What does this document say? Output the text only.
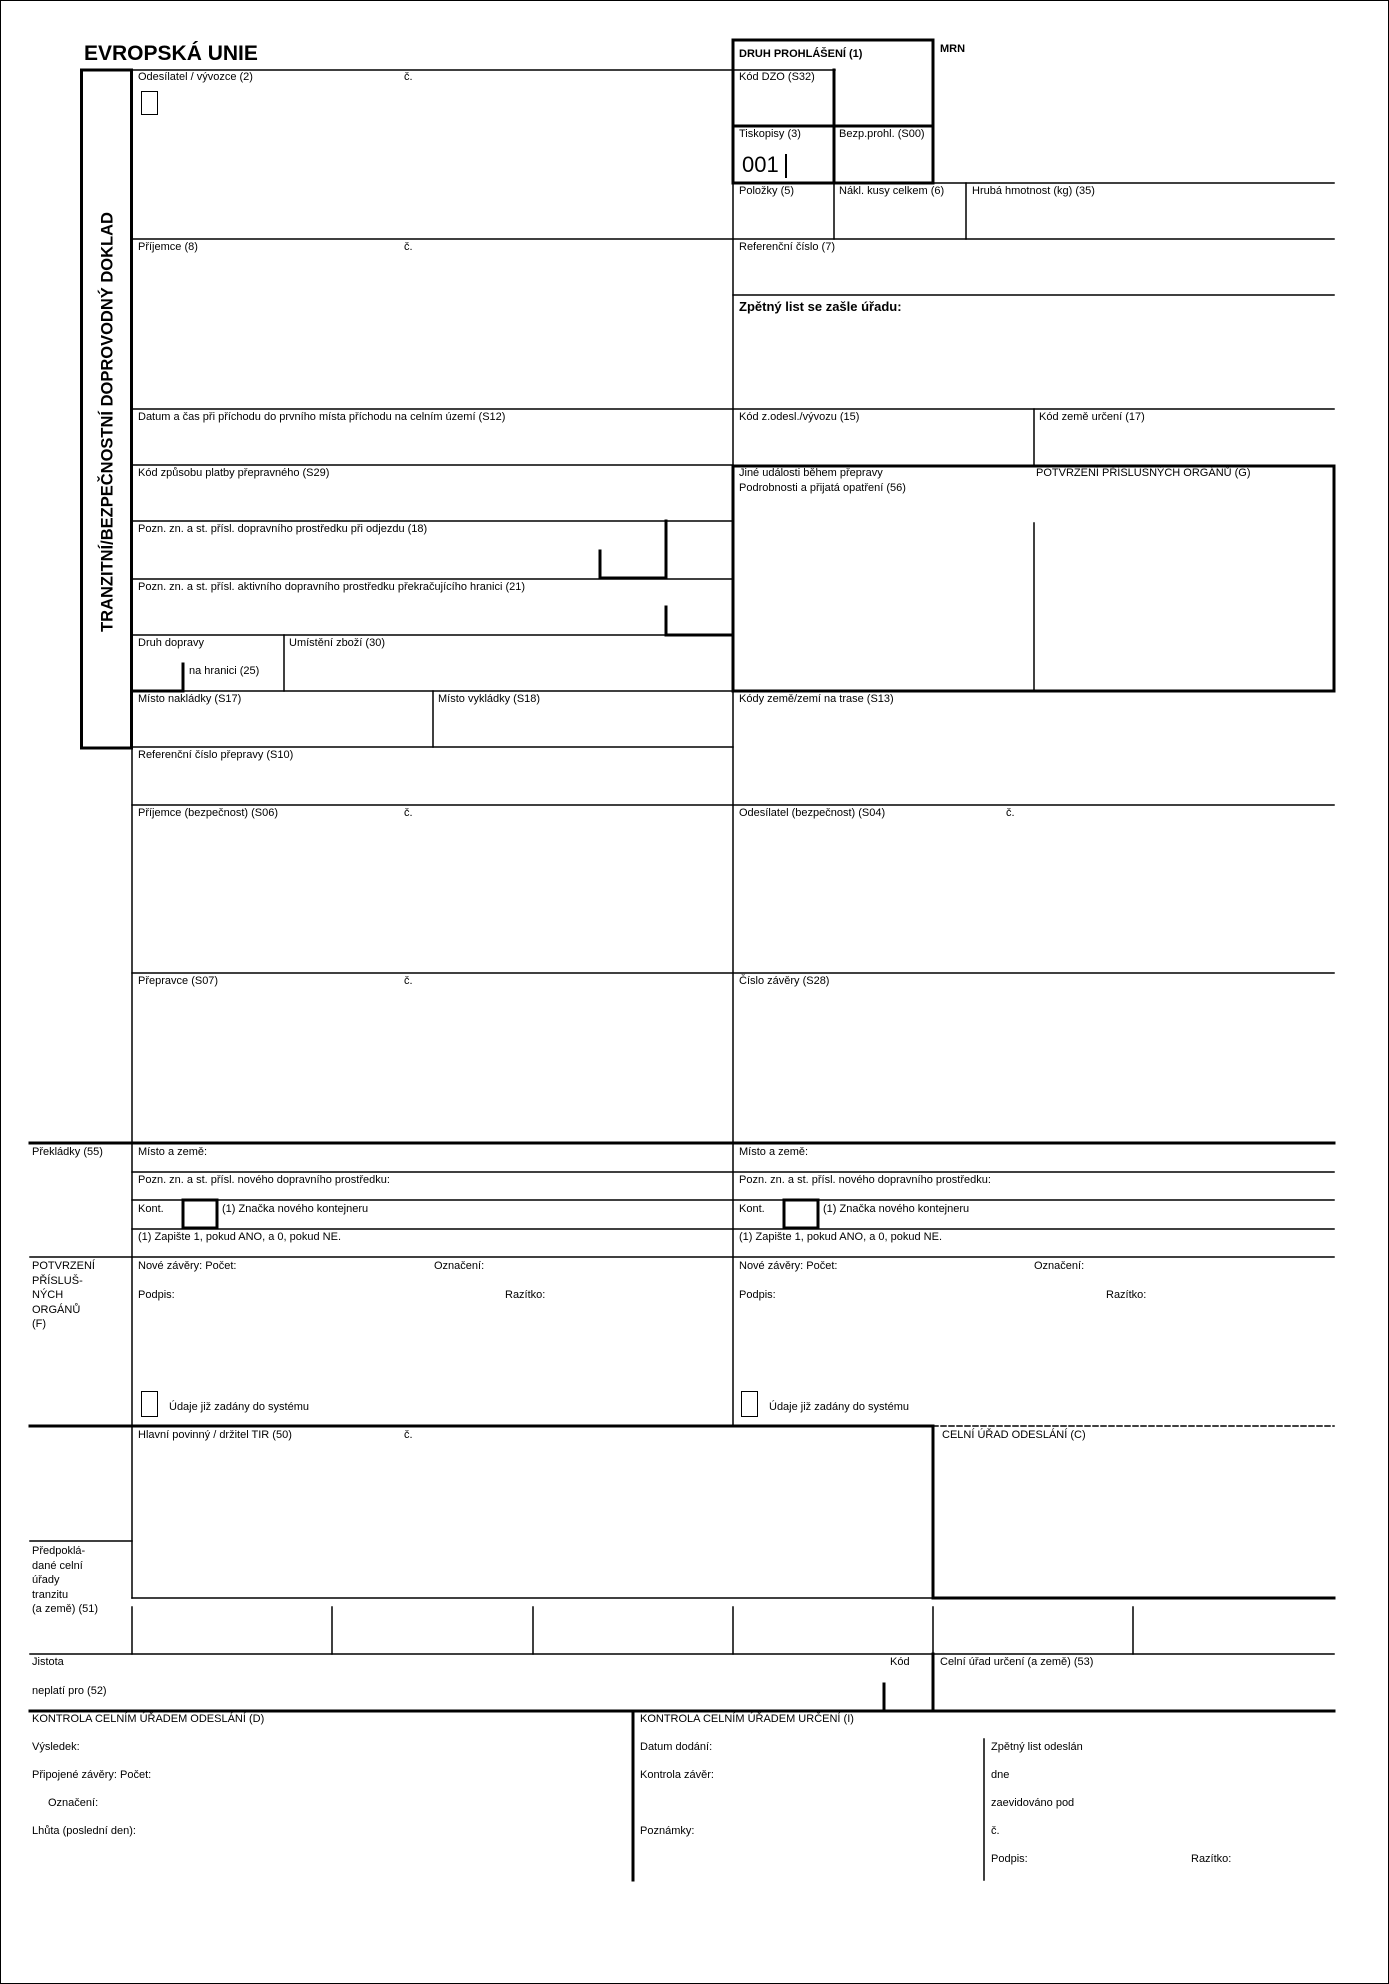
EVROPSKÁ UNIE	MRN
TRANZITNÍ/BEZPEČNOSTNÍ DOPROVODNÝ DOKLAD
DRUH PROHLÁŠENÍ (1)
Kód DZO (S32)
Tiskopisy (3)
001
Bezp.prohl. (S00)
Položky (5)	Nákl. kusy celkem (6)	Hrubá hmotnost (kg) (35)
Odesílatel / vývozce (2)	č.
Příjemce (8)	č.	Referenční číslo (7)
Zpětný list se zašle úřadu:
Datum a čas při příchodu do prvního místa příchodu na celním území (S12)	Kód z.odesl./vývozu (15)	Kód země určení (17)
Kód způsobu platby přepravného (S29)	Jiné události během přepravy
Podrobnosti a přijatá opatření (56)
POTVRZENÍ PŘÍSLUŠNÝCH ORGÁNŮ (G)
Pozn. zn. a st. přísl. dopravního prostředku při odjezdu (18)
Pozn. zn. a st. přísl. aktivního dopravního prostředku překračujícího hranici (21)
Druh dopravy
na hranici (25)
Umístění zboží (30)
Místo nakládky (S17)	Místo vykládky (S18)	Kódy země/zemí na trase (S13)
Referenční číslo přepravy (S10)
Příjemce (bezpečnost) (S06)	č.	Odesílatel (bezpečnost) (S04)	č.
Přepravce (S07)	č.	Číslo závěry (S28)
Překládky (55)	Místo a země:	Místo a země:
Pozn. zn. a st. přísl. nového dopravního prostředku:	Pozn. zn. a st. přísl. nového dopravního prostředku:
Kont.	(1) Značka nového kontejneru	Kont.	(1) Značka nového kontejneru
(1) Zapište 1, pokud ANO, a 0, pokud NE.	(1) Zapište 1, pokud ANO, a 0, pokud NE.
POTVRZENÍ
PŘÍSLUŠ-
NÝCH
ORGÁNŮ
(F)
Nové závěry: Počet:	Označení:	Nové závěry: Počet:	Označení:
Podpis:	Razítko:	Podpis:	Razítko:
Údaje již zadány do systému	Údaje již zadány do systému
Hlavní povinný / držitel TIR (50)	č.	CELNÍ ÚŘAD ODESLÁNÍ (C)
Předpoklá-
dané celní
úřady
tranzitu
(a země) (51)
Jistota
neplatí pro (52)
Kód	Celní úřad určení (a země) (53)
KONTROLA CELNÍM ÚŘADEM ODESLÁNÍ (D)
Výsledek:
Připojené závěry: Počet:
Označení:
Lhůta (poslední den):
KONTROLA CELNÍM ÚŘADEM URČENÍ (I)
Datum dodání:
Kontrola závěr:
Poznámky:
Zpětný list odeslán
dne
zaevidováno pod
č.
Podpis:	Razítko:
